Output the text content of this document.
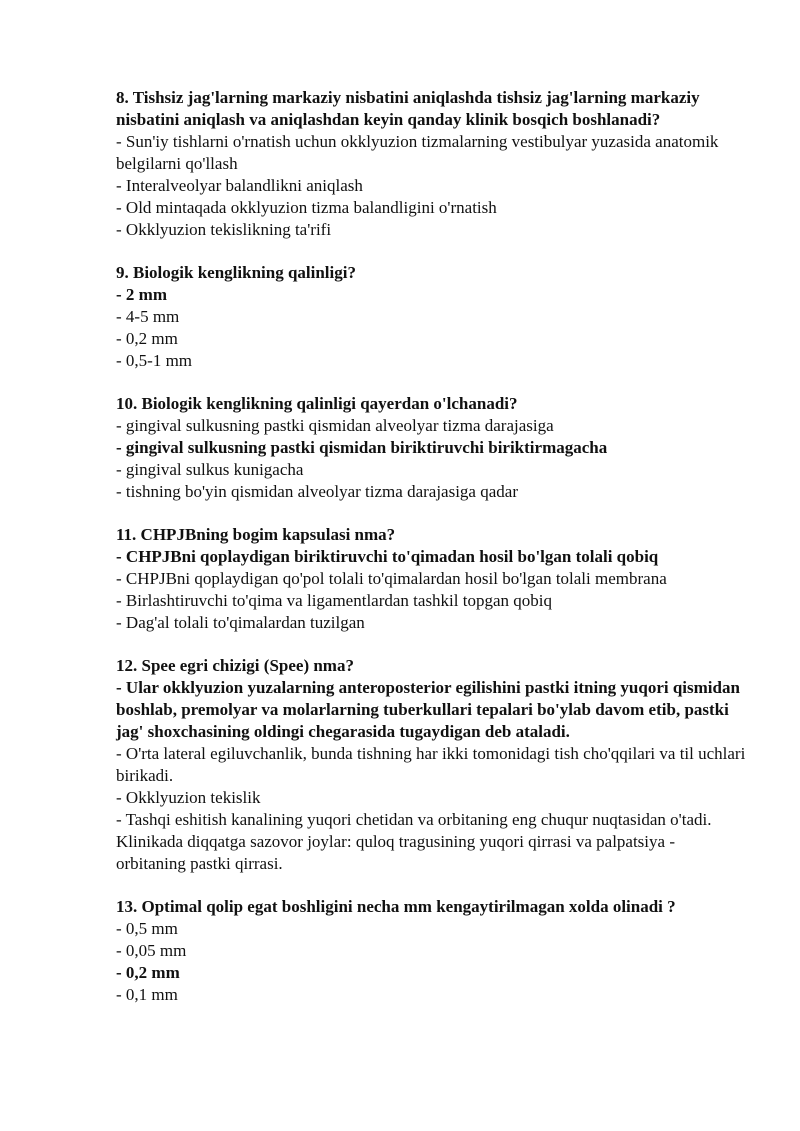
8. Tishsiz jag'larning markaziy nisbatini aniqlashda tishsiz jag'larning markaziy nisbatini aniqlash va aniqlashdan keyin qanday klinik bosqich boshlanadi?

- Sun'iy tishlarni o'rnatish uchun okklyuzion tizmalarning vestibulyar yuzasida anatomik belgilarni qo'llash

- Interalveolyar balandlikni aniqlash

- Old mintaqada okklyuzion tizma balandligini o'rnatish

- Okklyuzion tekislikning ta'rifi

9. Biologik kenglikning qalinligi?

- 2 mm

- 4-5 mm

- 0,2 mm

- 0,5-1 mm

10. Biologik kenglikning qalinligi qayerdan o'lchanadi?

- gingival sulkusning pastki qismidan alveolyar tizma darajasiga

- gingival sulkusning pastki qismidan biriktiruvchi biriktirmagacha

- gingival sulkus kunigacha

- tishning bo'yin qismidan alveolyar tizma darajasiga qadar

11. CHPJBning bogim kapsulasi nma?

- CHPJBni qoplaydigan biriktiruvchi to'qimadan hosil bo'lgan tolali qobiq

- CHPJBni qoplaydigan qo'pol tolali to'qimalardan hosil bo'lgan tolali membrana

- Birlashtiruvchi to'qima va ligamentlardan tashkil topgan qobiq

- Dag'al tolali to'qimalardan tuzilgan

12. Spee egri chizigi (Spee) nma?

- Ular okklyuzion yuzalarning anteroposterior egilishini pastki itning yuqori qismidan boshlab, premolyar va molarlarning tuberkullari tepalari bo'ylab davom etib, pastki jag' shoxchasining oldingi chegarasida tugaydigan deb ataladi.

- O'rta lateral egiluvchanlik, bunda tishning har ikki tomonidagi tish cho'qqilari va til uchlari birikadi.

- Okklyuzion tekislik

- Tashqi eshitish kanalining yuqori chetidan va orbitaning eng chuqur nuqtasidan o'tadi. Klinikada diqqatga sazovor joylar: quloq tragusining yuqori qirrasi va palpatsiya - orbitaning pastki qirrasi.

13. Optimal qolip egat boshligini necha mm kengaytirilmagan xolda olinadi ?

- 0,5 mm

- 0,05 mm

- 0,2 mm

- 0,1 mm
